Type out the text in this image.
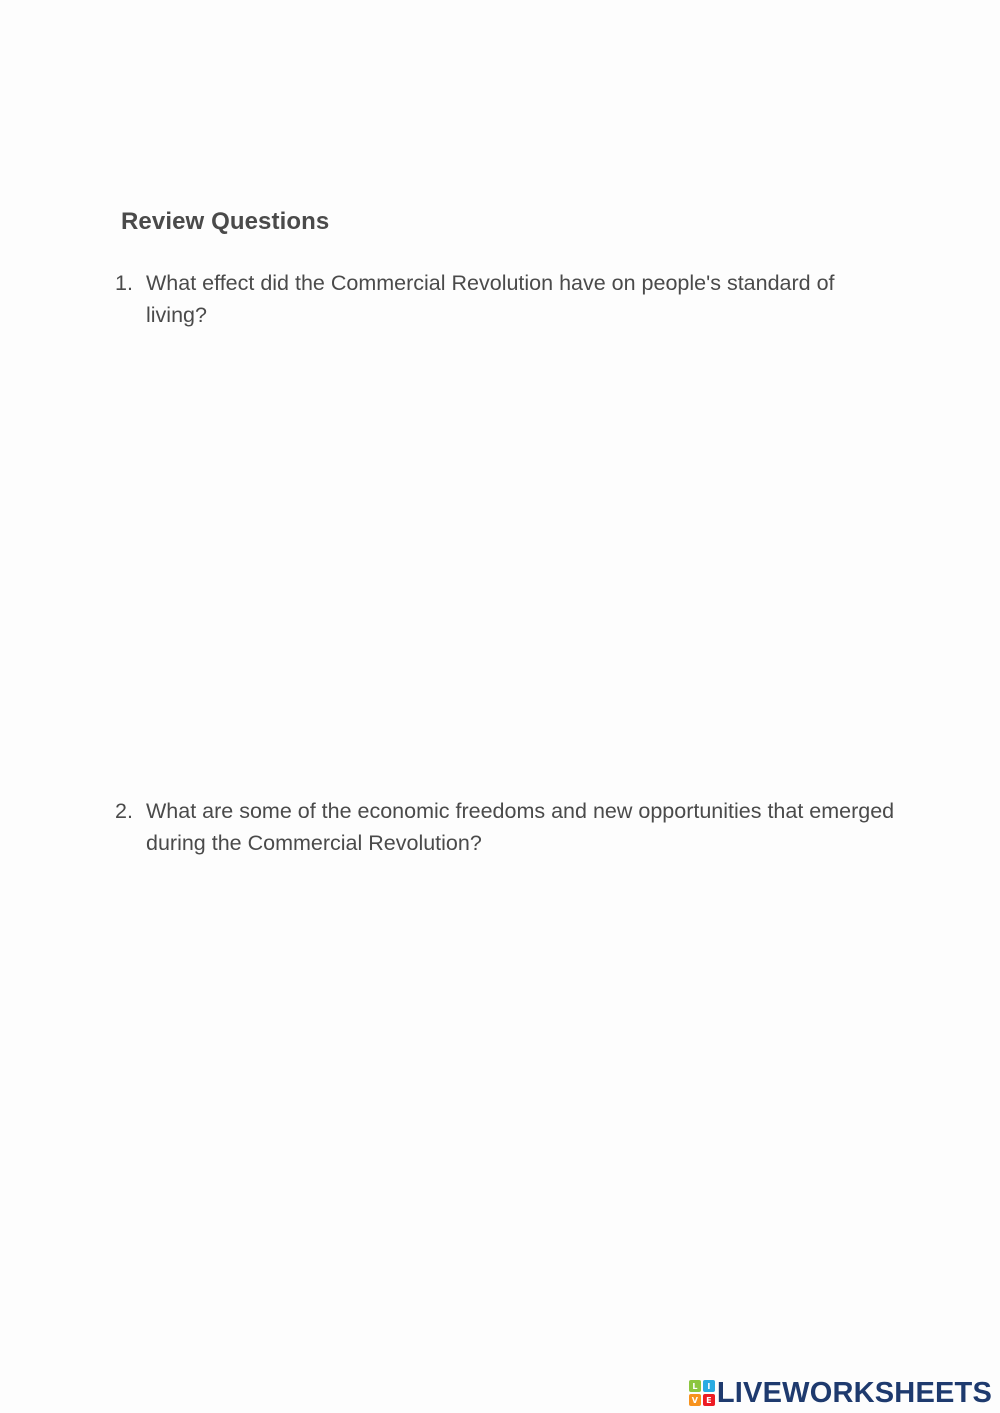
Review Questions
1. What effect did the Commercial Revolution have on people's standard of living?
2. What are some of the economic freedoms and new opportunities that emerged during the Commercial Revolution?
L	I
V	E LIVEWORKSHEETS
